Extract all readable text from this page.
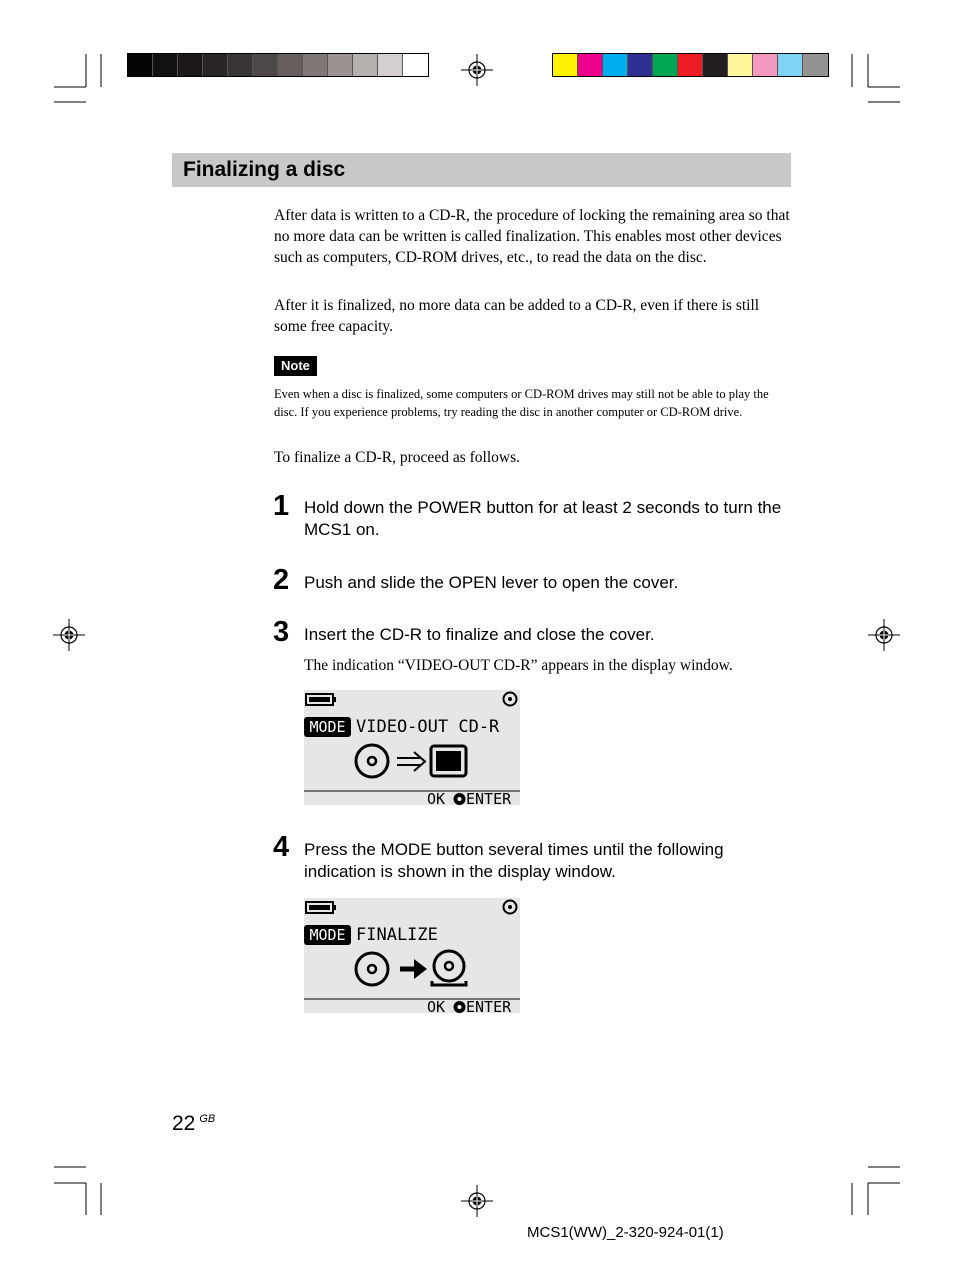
Finalizing a disc

After data is written to a CD-R, the procedure of locking the remaining area so that no more data can be written is called finalization. This enables most other devices such as computers, CD-ROM drives, etc., to read the data on the disc.

After it is finalized, no more data can be added to a CD-R, even if there is still some free capacity.

Note

Even when a disc is finalized, some computers or CD-ROM drives may still not be able to play the disc. If you experience problems, try reading the disc in another computer or CD-ROM drive.

To finalize a CD-R, proceed as follows.

1 Hold down the POWER button for at least 2 seconds to turn the MCS1 on.

2 Push and slide the OPEN lever to open the cover.

3 Insert the CD-R to finalize and close the cover.

The indication “VIDEO-OUT CD-R” appears in the display window.

MODE VIDEO-OUT CD-R
OK ENTER
4 Press the MODE button several times until the following indication is shown in the display window.

MODE FINALIZE
OK ENTER
22 $^{GB}$
MCS1(WW)_2-320-924-01(1)
